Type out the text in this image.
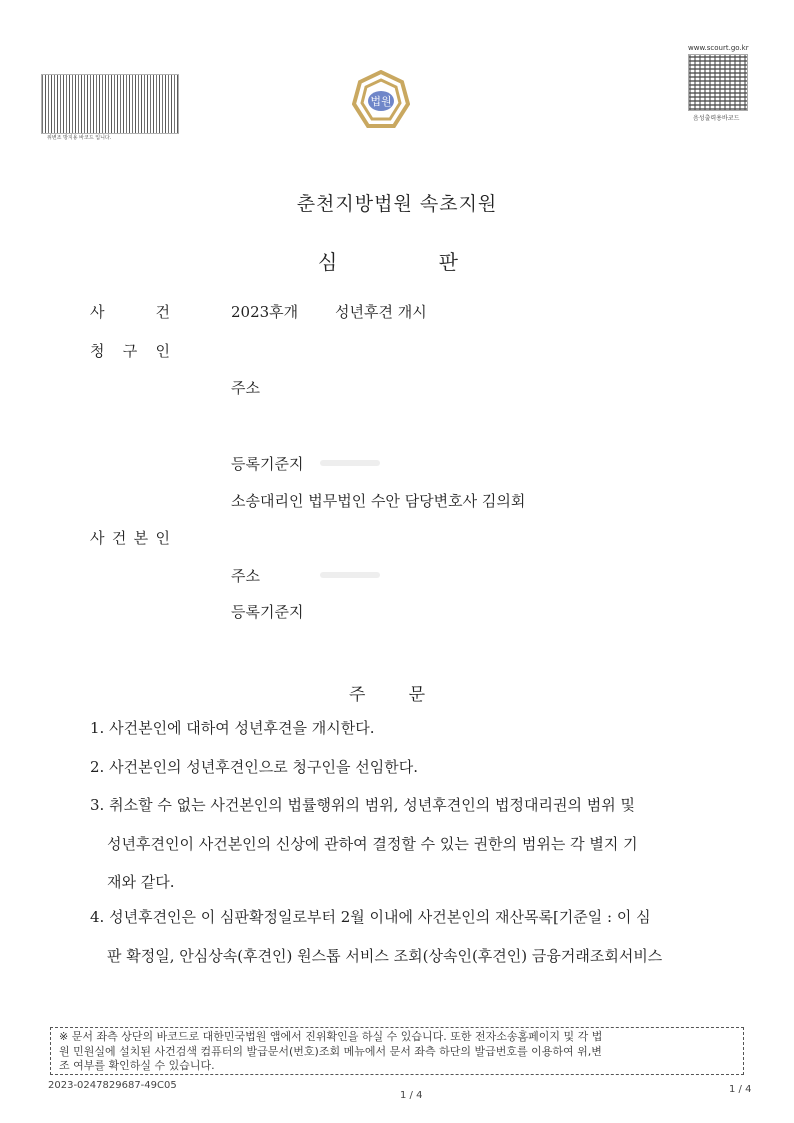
위변조 방지용 바코드 입니다.
법원
www.scourt.go.kr
음성출력용바코드
춘천지방법원 속초지원
심	판
사	건	2023후개 성년후견 개시
청 구 인
주소
등록기준지
소송대리인 법무법인 수안 담당변호사 김의회
사 건 본 인
주소
등록기준지
주	문
1. 사건본인에 대하여 성년후견을 개시한다.
2. 사건본인의 성년후견인으로 청구인을 선임한다.
3. 취소할 수 없는 사건본인의 법률행위의 범위, 성년후견인의 법정대리권의 범위 및
성년후견인이 사건본인의 신상에 관하여 결정할 수 있는 권한의 범위는 각 별지 기
재와 같다.
4. 성년후견인은 이 심판확정일로부터 2월 이내에 사건본인의 재산목록[기준일 : 이 심
판 확정일, 안심상속(후견인) 원스톱 서비스 조회(상속인(후견인) 금융거래조회서비스
※ 문서 좌측 상단의 바코드로 대한민국법원 앱에서 진위확인을 하실 수 있습니다. 또한 전자소송홈페이지 및 각 법
원 민원실에 설치된 사건검색 컴퓨터의 발급문서(번호)조회 메뉴에서 문서 좌측 하단의 발급번호를 이용하여 위,변
조 여부를 확인하실 수 있습니다.
2023-0247829687-49C05
1 / 4
1 / 4
